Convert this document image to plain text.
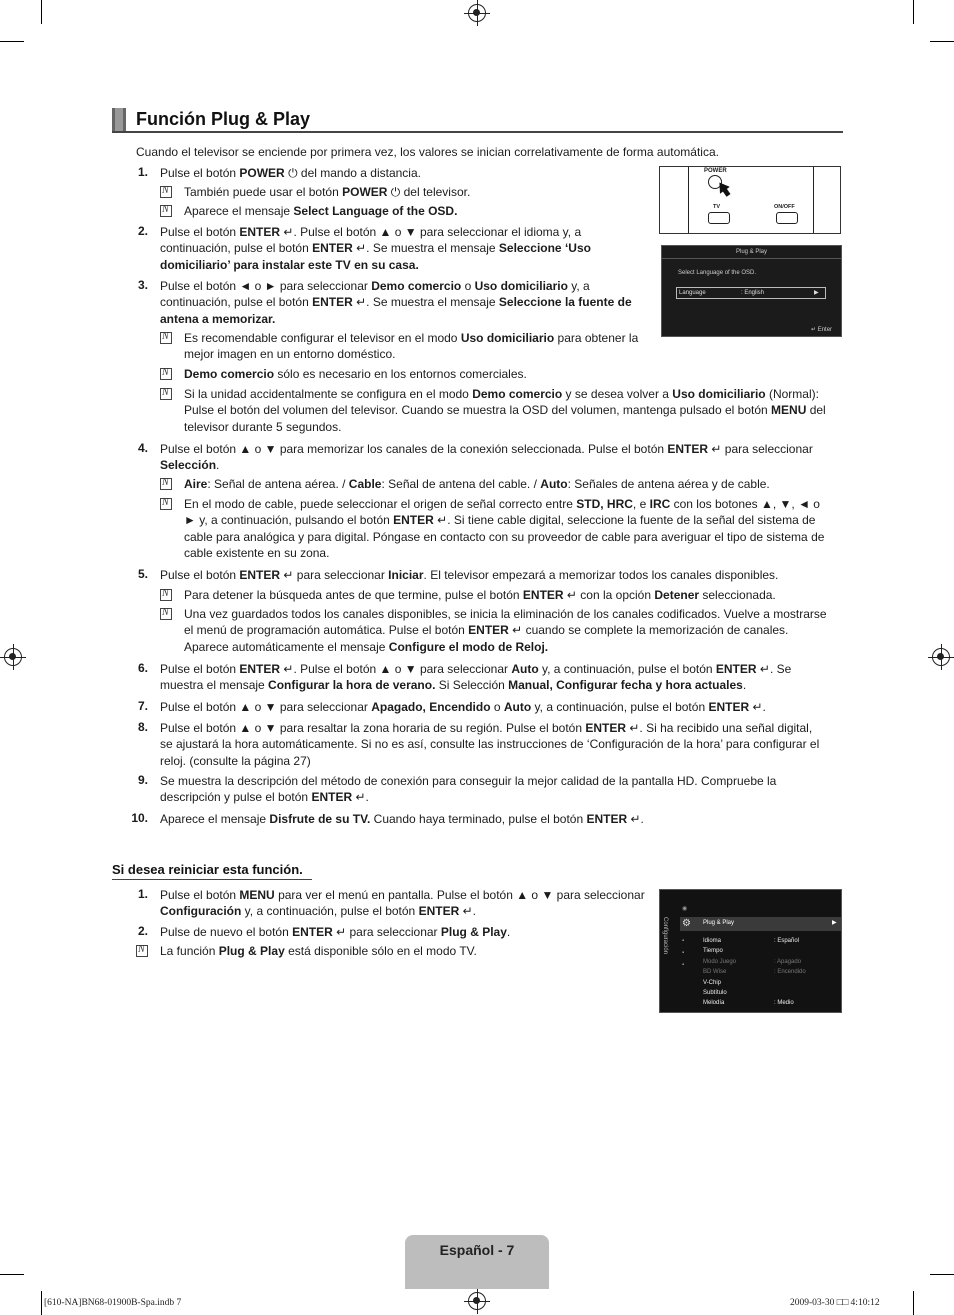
Función Plug & Play
Cuando el televisor se enciende por primera vez, los valores se inician correlativamente de forma automática.
1. Pulse el botón POWER ⏻ del mando a distancia.
N
También puede usar el botón POWER ⏻ del televisor.
N
Aparece el mensaje Select Language of the OSD.
2. Pulse el botón ENTER ↵. Pulse el botón ▲ o ▼ para seleccionar el idioma y, a
continuación, pulse el botón ENTER ↵. Se muestra el mensaje Seleccione ‘Uso
domiciliario’ para instalar este TV en su casa.
3. Pulse el botón ◄ o ► para seleccionar Demo comercio o Uso domiciliario y, a
continuación, pulse el botón ENTER ↵. Se muestra el mensaje Seleccione la fuente de
antena a memorizar.
N
Es recomendable configurar el televisor en el modo Uso domiciliario para obtener la
mejor imagen en un entorno doméstico.
N
Demo comercio sólo es necesario en los entornos comerciales.
N
Si la unidad accidentalmente se configura en el modo Demo comercio y se desea volver a Uso domiciliario (Normal):
Pulse el botón del volumen del televisor. Cuando se muestra la OSD del volumen, mantenga pulsado el botón MENU del
televisor durante 5 segundos.
4. Pulse el botón ▲ o ▼ para memorizar los canales de la conexión seleccionada. Pulse el botón ENTER ↵ para seleccionar
Selección.
N
Aire: Señal de antena aérea. / Cable: Señal de antena del cable. / Auto: Señales de antena aérea y de cable.
N
En el modo de cable, puede seleccionar el origen de señal correcto entre STD, HRC, e IRC con los botones ▲, ▼, ◄ o
► y, a continuación, pulsando el botón ENTER ↵. Si tiene cable digital, seleccione la fuente de la señal del sistema de
cable para analógica y para digital. Póngase en contacto con su proveedor de cable para averiguar el tipo de sistema de
cable existente en su zona.
5. Pulse el botón ENTER ↵ para seleccionar Iniciar. El televisor empezará a memorizar todos los canales disponibles.
N
Para detener la búsqueda antes de que termine, pulse el botón ENTER ↵ con la opción Detener seleccionada.
N
Una vez guardados todos los canales disponibles, se inicia la eliminación de los canales codificados. Vuelve a mostrarse
el menú de programación automática. Pulse el botón ENTER ↵ cuando se complete la memorización de canales.
Aparece automáticamente el mensaje Configure el modo de Reloj.
6. Pulse el botón ENTER ↵. Pulse el botón ▲ o ▼ para seleccionar Auto y, a continuación, pulse el botón ENTER ↵. Se
muestra el mensaje Configurar la hora de verano. Si Selección Manual, Configurar fecha y hora actuales.
7. Pulse el botón ▲ o ▼ para seleccionar Apagado, Encendido o Auto y, a continuación, pulse el botón ENTER ↵.
8. Pulse el botón ▲ o ▼ para resaltar la zona horaria de su región. Pulse el botón ENTER ↵. Si ha recibido una señal digital,
se ajustará la hora automáticamente. Si no es así, consulte las instrucciones de ‘Configuración de la hora’ para configurar el
reloj. (consulte la página 27)
9. Se muestra la descripción del método de conexión para conseguir la mejor calidad de la pantalla HD. Compruebe la
descripción y pulse el botón ENTER ↵.
10. Aparece el mensaje Disfrute de su TV. Cuando haya terminado, pulse el botón ENTER ↵.
Si desea reiniciar esta función.
1. Pulse el botón MENU para ver el menú en pantalla. Pulse el botón ▲ o ▼ para seleccionar
Configuración y, a continuación, pulse el botón ENTER ↵.
2. Pulse de nuevo el botón ENTER ↵ para seleccionar Plug & Play.
N
La función Plug & Play está disponible sólo en el modo TV.
POWER
TV	ON/OFF
Plug & Play
Select Language of the OSD.
Language	: English	▶
↵ Enter
Configuración
◉
⚙ Plug & Play	▶
▪
▪
▪
Idioma	: Español
Tiempo
Modo Juego	: Apagado
BD Wise	: Encendido
V-Chip
Subtítulo
Melodía	: Medio
Español - 7
[610-NA]BN68-01900B-Spa.indb 7	2009-03-30 □□ 4:10:12
